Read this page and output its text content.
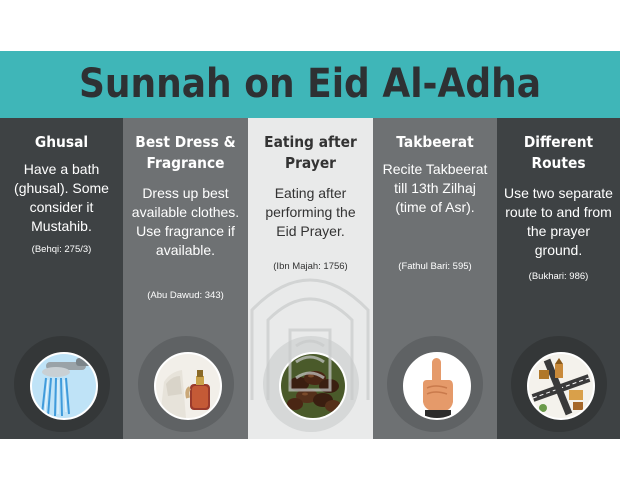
Sunnah on Eid Al-Adha
Ghusal
Have a bath (ghusal). Some consider it Mustahib.
(Behqi: 275/3)
Best Dress & Fragrance
Dress up best available clothes. Use fragrance if available.
(Abu Dawud: 343)
Eating after Prayer
Eating after performing the Eid Prayer.
(Ibn Majah: 1756)
Takbeerat
Recite Takbeerat till 13th Zilhaj (time of Asr).
(Fathul Bari: 595)
Different Routes
Use two separate route to and from the prayer ground.
(Bukhari: 986)
